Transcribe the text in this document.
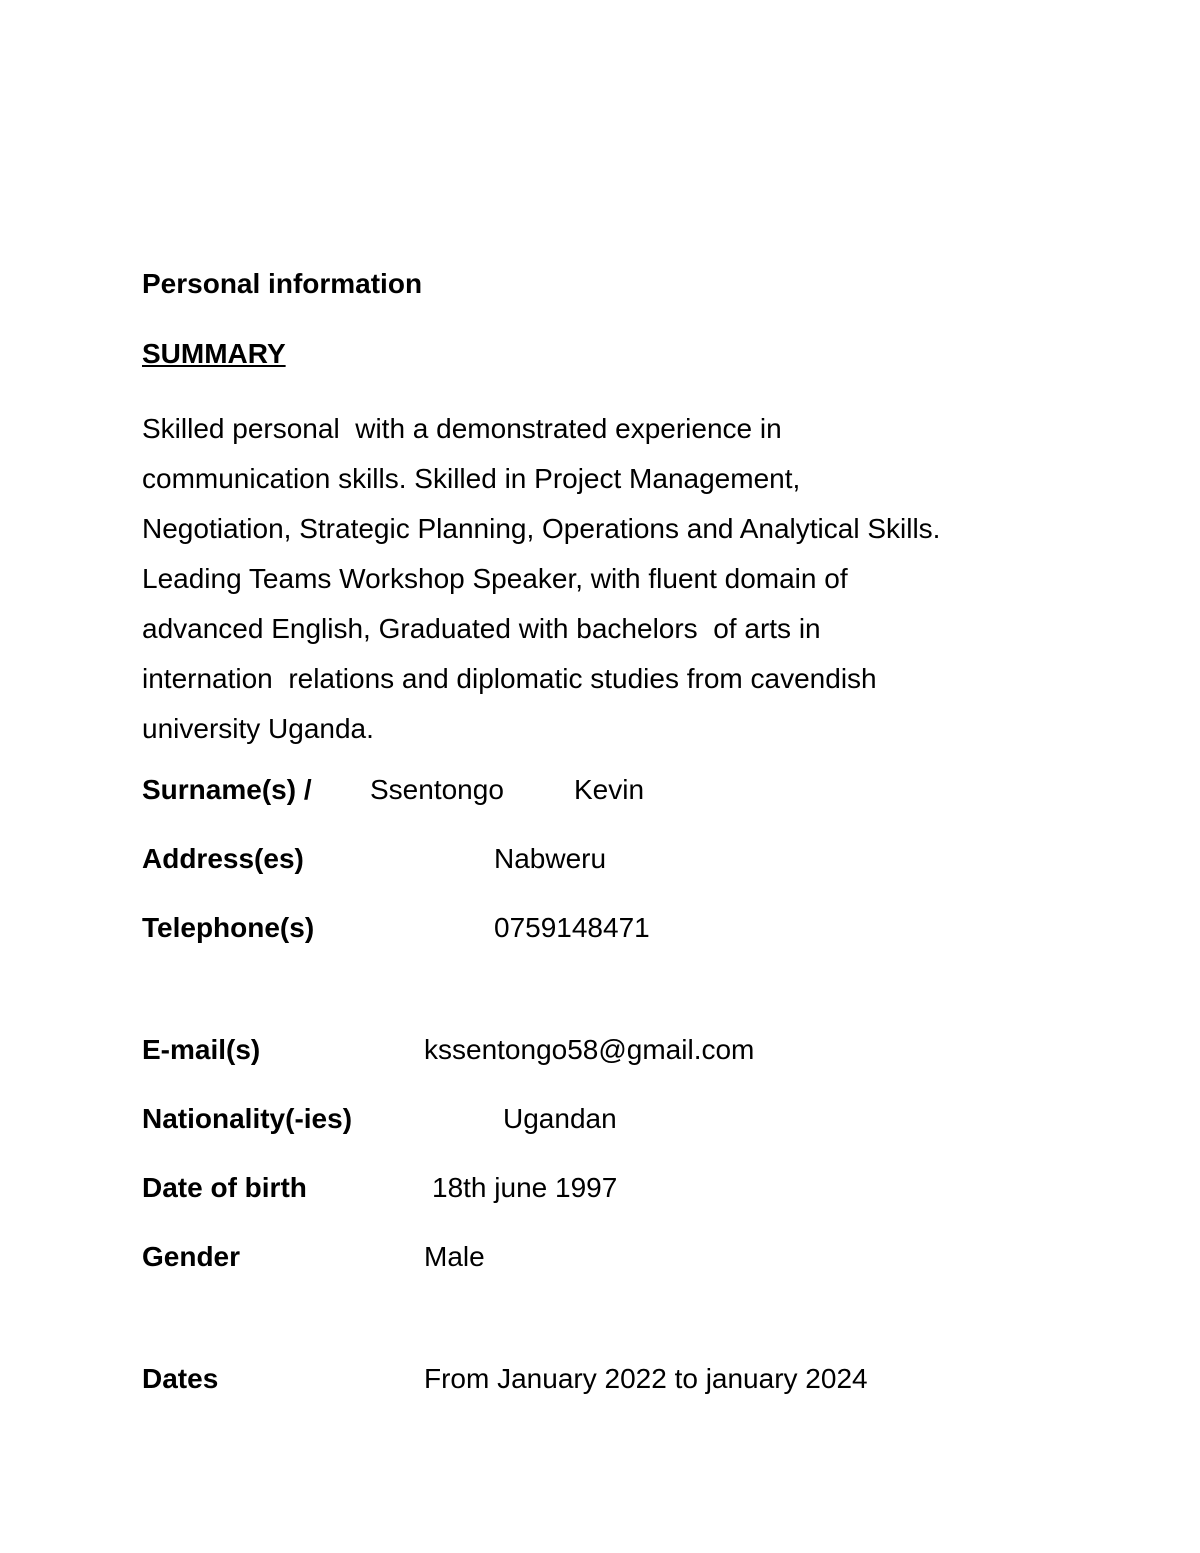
Personal information
SUMMARY
Skilled personal  with a demonstrated experience in
communication skills. Skilled in Project Management,
Negotiation, Strategic Planning, Operations and Analytical Skills.
Leading Teams Workshop Speaker, with fluent domain of
advanced English, Graduated with bachelors  of arts in
internation  relations and diplomatic studies from cavendish
university Uganda.
Surname(s) / Ssentongo	Kevin
Address(es)	Nabweru
Telephone(s)	0759148471
E-mail(s)	kssentongo58@gmail.com
Nationality(-ies)	Ugandan
Date of birth	18th june 1997
Gender	Male
Dates	From January 2022 to january 2024
